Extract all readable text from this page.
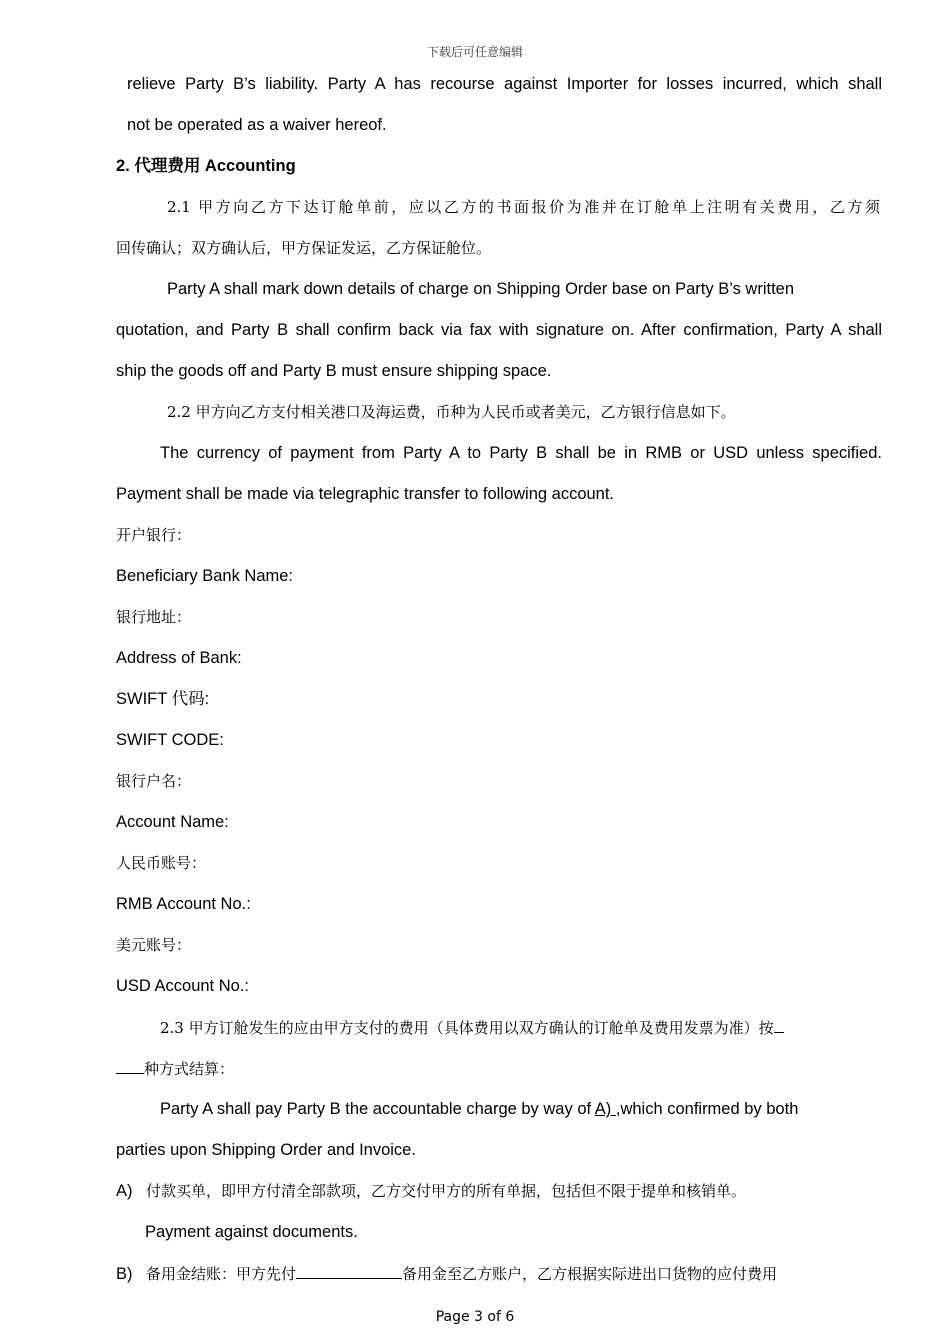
下载后可任意编辑
relieve Party B’s liability. Party A has recourse against Importer for losses incurred, which shall
not be operated as a waiver hereof.
2. 代理费用 Accounting
2.1 甲方向乙方下达订舱单前，应以乙方的书面报价为准并在订舱单上注明有关费用，乙方须
回传确认；双方确认后，甲方保证发运，乙方保证舱位。
Party A shall mark down details of charge on Shipping Order base on Party B’s written
quotation, and Party B shall confirm back via fax with signature on. After confirmation, Party A shall
ship the goods off and Party B must ensure shipping space.
2.2 甲方向乙方支付相关港口及海运费，币种为人民币或者美元，乙方银行信息如下。
The currency of payment from Party A to Party B shall be in RMB or USD unless specified.
Payment shall be made via telegraphic transfer to following account.
开户银行：
Beneficiary Bank Name:
银行地址：
Address of Bank:
SWIFT 代码:
SWIFT CODE:
银行户名：
Account Name:
人民币账号：
RMB Account No.:
美元账号：
USD Account No.:
2.3 甲方订舱发生的应由甲方支付的费用（具体费用以双方确认的订舱单及费用发票为准）按
种方式结算：
Party A shall pay Party B the accountable charge by way of A) ,which confirmed by both
parties upon Shipping Order and Invoice.
A) 付款买单，即甲方付清全部款项，乙方交付甲方的所有单据，包括但不限于提单和核销单。
Payment against documents.
B) 备用金结账：甲方先付	备用金至乙方账户，乙方根据实际进出口货物的应付费用
Page 3 of 6
